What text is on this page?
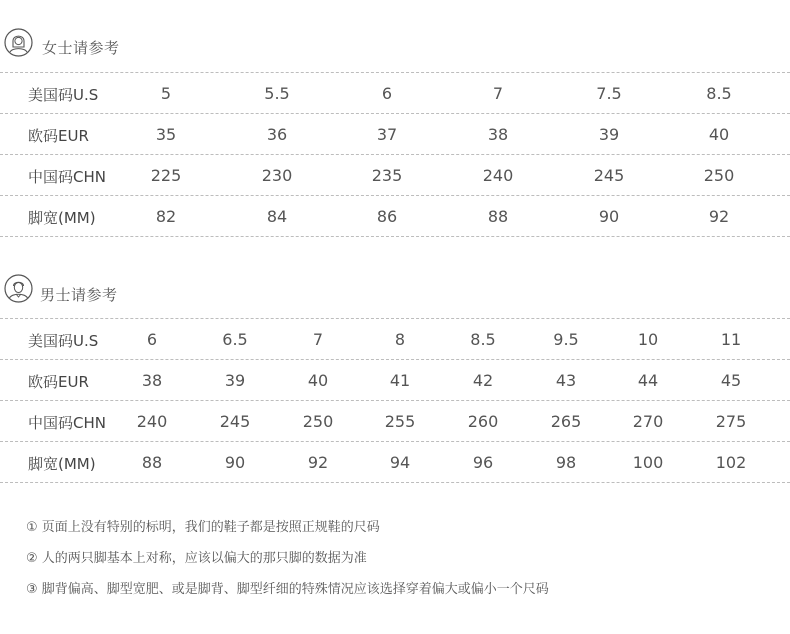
女士请参考
美国码U.S	5	5.5	6	7	7.5	8.5
欧码EUR	35	36	37	38	39	40
中国码CHN	225	230	235	240	245	250
脚宽(MM)	82	84	86	88	90	92
男士请参考
美国码U.S	6	6.5	7	8	8.5	9.5	10	11
欧码EUR	38	39	40	41	42	43	44	45
中国码CHN	240	245	250	255	260	265	270	275
脚宽(MM)	88	90	92	94	96	98	100	102
① 页面上没有特别的标明，我们的鞋子都是按照正规鞋的尺码
② 人的两只脚基本上对称，应该以偏大的那只脚的数据为准
③ 脚背偏高、脚型宽肥、或是脚背、脚型纤细的特殊情况应该选择穿着偏大或偏小一个尺码
